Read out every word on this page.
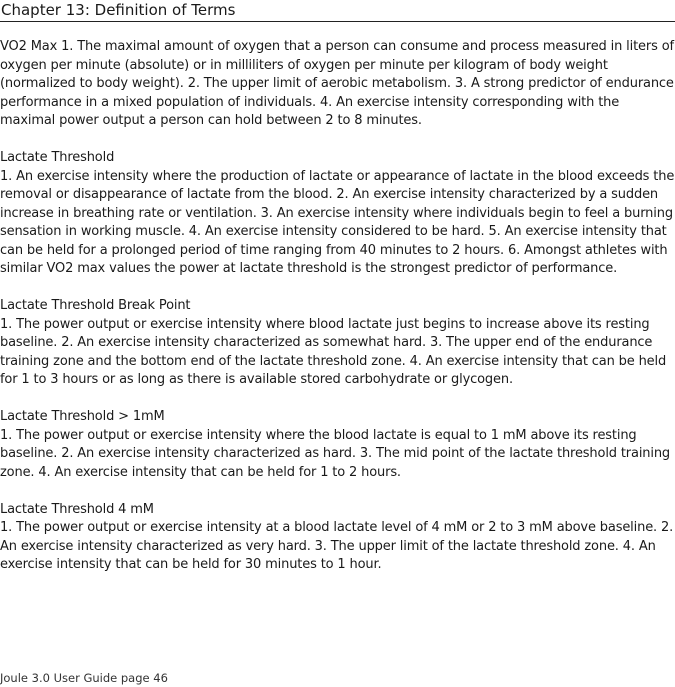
Chapter 13: Definition of Terms

VO2 Max 1. The maximal amount of oxygen that a person can consume and process measured in liters of oxygen per minute (absolute) or in milliliters of oxygen per minute per kilogram of body weight (normalized to body weight). 2. The upper limit of aerobic metabolism. 3. A strong predictor of endurance performance in a mixed population of individuals. 4. An exercise intensity corresponding with the maximal power output a person can hold between 2 to 8 minutes.

Lactate Threshold
1. An exercise intensity where the production of lactate or appearance of lactate in the blood exceeds the removal or disappearance of lactate from the blood. 2. An exercise intensity characterized by a sudden increase in breathing rate or ventilation. 3. An exercise intensity where individuals begin to feel a burning sensation in working muscle. 4. An exercise intensity considered to be hard. 5. An exercise intensity that can be held for a prolonged period of time ranging from 40 minutes to 2 hours. 6. Amongst athletes with similar VO2 max values the power at lactate threshold is the strongest predictor of performance.

Lactate Threshold Break Point
1. The power output or exercise intensity where blood lactate just begins to increase above its resting baseline. 2. An exercise intensity characterized as somewhat hard. 3. The upper end of the endurance training zone and the bottom end of the lactate threshold zone. 4. An exercise intensity that can be held for 1 to 3 hours or as long as there is available stored carbohydrate or glycogen.

Lactate Threshold > 1mM
1. The power output or exercise intensity where the blood lactate is equal to 1 mM above its resting baseline. 2. An exercise intensity characterized as hard. 3. The mid point of the lactate threshold training zone. 4. An exercise intensity that can be held for 1 to 2 hours.

Lactate Threshold 4 mM
1. The power output or exercise intensity at a blood lactate level of 4 mM or 2 to 3 mM above baseline. 2. An exercise intensity characterized as very hard. 3. The upper limit of the lactate threshold zone. 4. An exercise intensity that can be held for 30 minutes to 1 hour.

Joule 3.0 User Guide page 46
